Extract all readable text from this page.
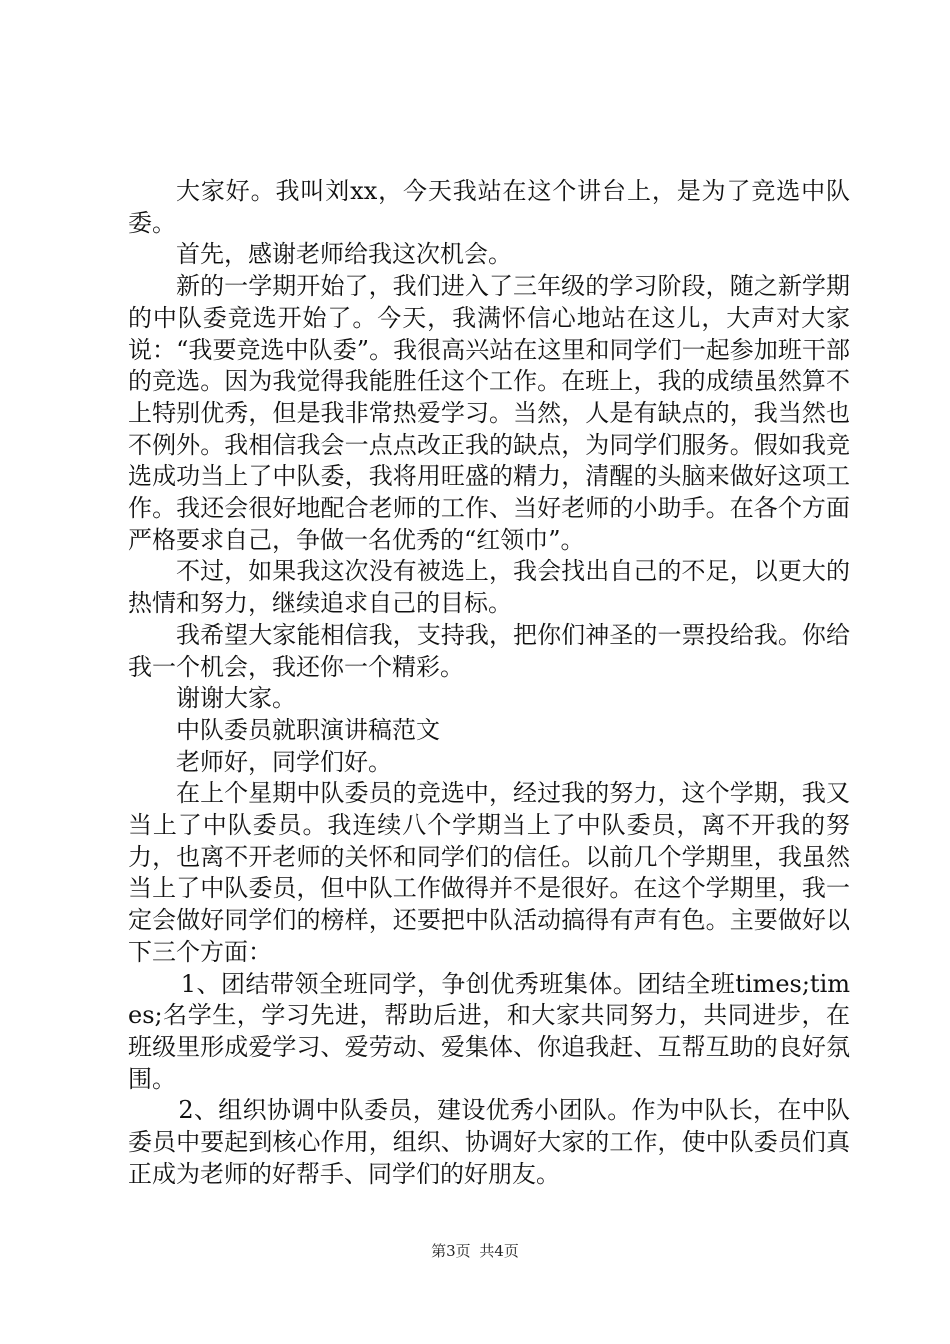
大家好。我叫刘xx，今天我站在这个讲台上，是为了竞选中队委。

首先，感谢老师给我这次机会。

新的一学期开始了，我们进入了三年级的学习阶段，随之新学期的中队委竞选开始了。今天，我满怀信心地站在这儿，大声对大家说：“我要竞选中队委”。我很高兴站在这里和同学们一起参加班干部的竞选。因为我觉得我能胜任这个工作。在班上，我的成绩虽然算不上特别优秀，但是我非常热爱学习。当然，人是有缺点的，我当然也不例外。我相信我会一点点改正我的缺点，为同学们服务。假如我竞选成功当上了中队委，我将用旺盛的精力，清醒的头脑来做好这项工作。我还会很好地配合老师的工作、当好老师的小助手。在各个方面严格要求自己，争做一名优秀的“红领巾”。

不过，如果我这次没有被选上，我会找出自己的不足，以更大的热情和努力，继续追求自己的目标。

我希望大家能相信我，支持我，把你们神圣的一票投给我。你给我一个机会，我还你一个精彩。

谢谢大家。

中队委员就职演讲稿范文

老师好，同学们好。

在上个星期中队委员的竞选中，经过我的努力，这个学期，我又当上了中队委员。我连续八个学期当上了中队委员，离不开我的努力，也离不开老师的关怀和同学们的信任。以前几个学期里，我虽然当上了中队委员，但中队工作做得并不是很好。在这个学期里，我一定会做好同学们的榜样，还要把中队活动搞得有声有色。主要做好以下三个方面：

1、团结带领全班同学，争创优秀班集体。团结全班times;times;名学生，学习先进，帮助后进，和大家共同努力，共同进步，在班级里形成爱学习、爱劳动、爱集体、你追我赶、互帮互助的良好氛围。

2、组织协调中队委员，建设优秀小团队。作为中队长，在中队委员中要起到核心作用，组织、协调好大家的工作，使中队委员们真正成为老师的好帮手、同学们的好朋友。

第3页 共4页
